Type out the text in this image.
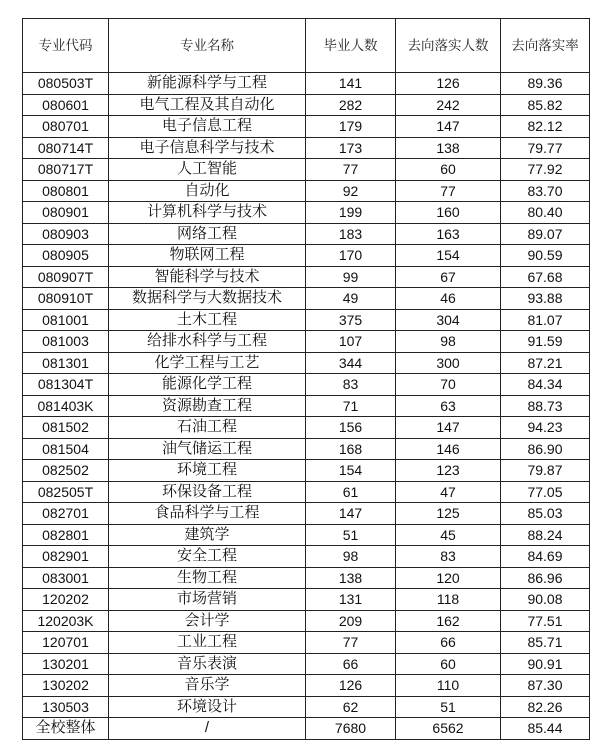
专业代码	专业名称	毕业人数	去向落实人数	去向落实率
080503T	新能源科学与工程	141	126	89.36
080601	电气工程及其自动化	282	242	85.82
080701	电子信息工程	179	147	82.12
080714T	电子信息科学与技术	173	138	79.77
080717T	人工智能	77	60	77.92
080801	自动化	92	77	83.70
080901	计算机科学与技术	199	160	80.40
080903	网络工程	183	163	89.07
080905	物联网工程	170	154	90.59
080907T	智能科学与技术	99	67	67.68
080910T	数据科学与大数据技术	49	46	93.88
081001	土木工程	375	304	81.07
081003	给排水科学与工程	107	98	91.59
081301	化学工程与工艺	344	300	87.21
081304T	能源化学工程	83	70	84.34
081403K	资源勘查工程	71	63	88.73
081502	石油工程	156	147	94.23
081504	油气储运工程	168	146	86.90
082502	环境工程	154	123	79.87
082505T	环保设备工程	61	47	77.05
082701	食品科学与工程	147	125	85.03
082801	建筑学	51	45	88.24
082901	安全工程	98	83	84.69
083001	生物工程	138	120	86.96
120202	市场营销	131	118	90.08
120203K	会计学	209	162	77.51
120701	工业工程	77	66	85.71
130201	音乐表演	66	60	90.91
130202	音乐学	126	110	87.30
130503	环境设计	62	51	82.26
全校整体	/	7680	6562	85.44
